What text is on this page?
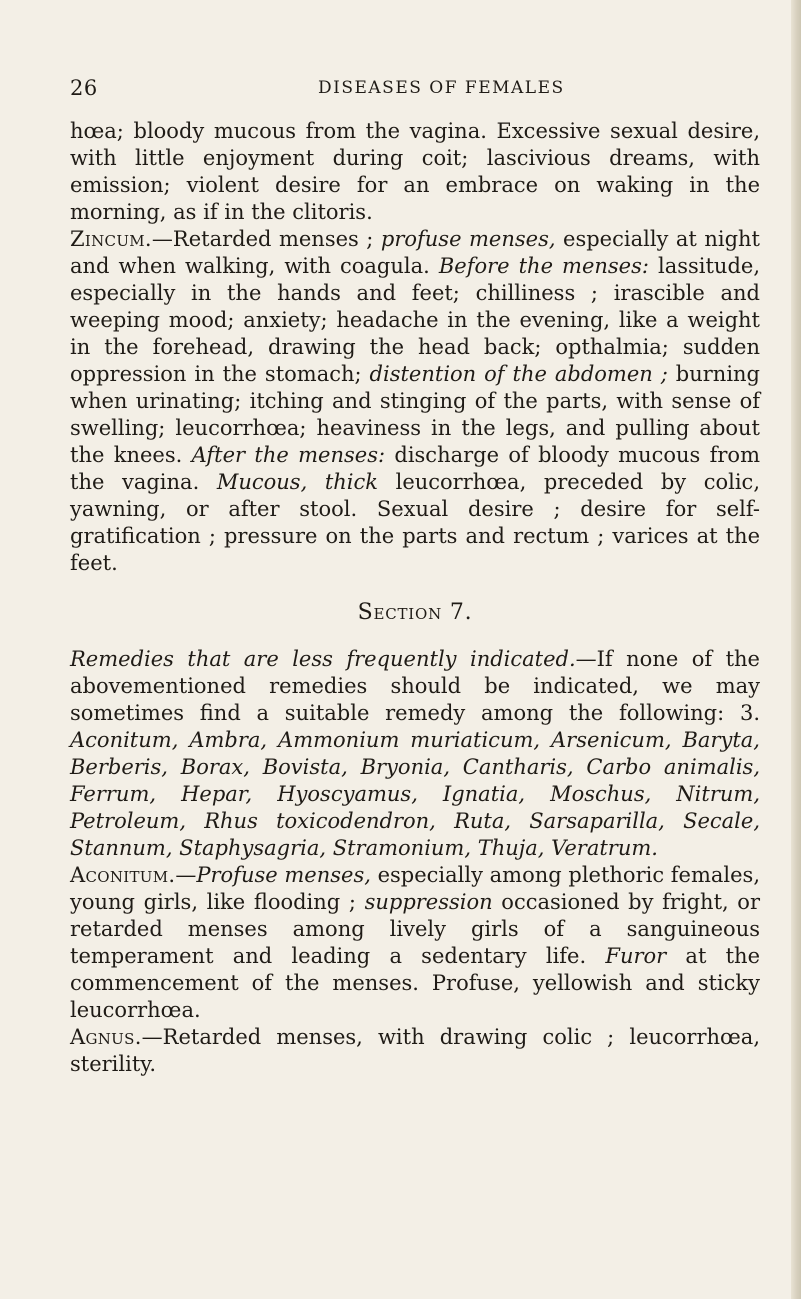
26	DISEASES OF FEMALES

hœa; bloody mucous from the vagina. Excessive sexual desire, with little enjoyment during coit; lascivious dreams, with emission; violent desire for an embrace on waking in the morning, as if in the clitoris.

Zincum.—Retarded menses ; profuse menses, especially at night and when walking, with coagula. Before the menses: lassitude, especially in the hands and feet; chilliness ; irascible and weeping mood; anxiety; headache in the evening, like a weight in the forehead, drawing the head back; opthalmia; sudden oppression in the stomach; distention of the abdomen ; burning when urinating; itching and stinging of the parts, with sense of swelling; leucorrhœa; heaviness in the legs, and pulling about the knees. After the menses: discharge of bloody mucous from the vagina. Mucous, thick leucorrhœa, preceded by colic, yawning, or after stool. Sexual desire ; desire for self-gratification ; pressure on the parts and rectum ; varices at the feet.

Section 7.

Remedies that are less frequently indicated.—If none of the abovementioned remedies should be indicated, we may sometimes find a suitable remedy among the following: 3. Aconitum, Ambra, Ammonium muriaticum, Arsenicum, Baryta, Berberis, Borax, Bovista, Bryonia, Cantharis, Carbo animalis, Ferrum, Hepar, Hyoscyamus, Ignatia, Moschus, Nitrum, Petroleum, Rhus toxicodendron, Ruta, Sarsaparilla, Secale, Stannum, Staphysagria, Stramonium, Thuja, Veratrum.

Aconitum.—Profuse menses, especially among plethoric females, young girls, like flooding ; suppression occasioned by fright, or retarded menses among lively girls of a sanguineous temperament and leading a sedentary life. Furor at the commencement of the menses. Profuse, yellowish and sticky leucorrhœa.

Agnus.—Retarded menses, with drawing colic ; leucorrhœa, sterility.
